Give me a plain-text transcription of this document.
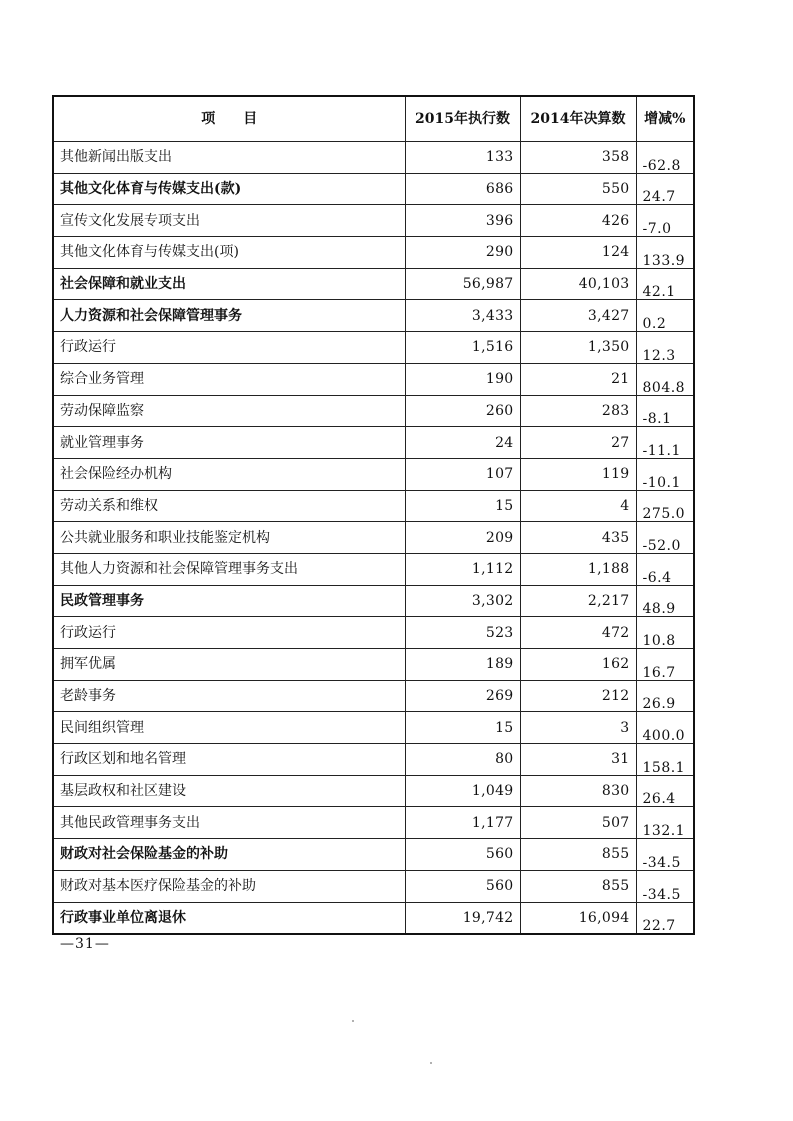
项　　目	2015年执行数	2014年决算数	增减%
其他新闻出版支出	133	358	-62.8
其他文化体育与传媒支出(款)	686	550	24.7
宣传文化发展专项支出	396	426	-7.0
其他文化体育与传媒支出(项)	290	124	133.9
社会保障和就业支出	56,987	40,103	42.1
人力资源和社会保障管理事务	3,433	3,427	0.2
行政运行	1,516	1,350	12.3
综合业务管理	190	21	804.8
劳动保障监察	260	283	-8.1
就业管理事务	24	27	-11.1
社会保险经办机构	107	119	-10.1
劳动关系和维权	15	4	275.0
公共就业服务和职业技能鉴定机构	209	435	-52.0
其他人力资源和社会保障管理事务支出	1,112	1,188	-6.4
民政管理事务	3,302	2,217	48.9
行政运行	523	472	10.8
拥军优属	189	162	16.7
老龄事务	269	212	26.9
民间组织管理	15	3	400.0
行政区划和地名管理	80	31	158.1
基层政权和社区建设	1,049	830	26.4
其他民政管理事务支出	1,177	507	132.1
财政对社会保险基金的补助	560	855	-34.5
财政对基本医疗保险基金的补助	560	855	-34.5
行政事业单位离退休	19,742	16,094	22.7
—31—
